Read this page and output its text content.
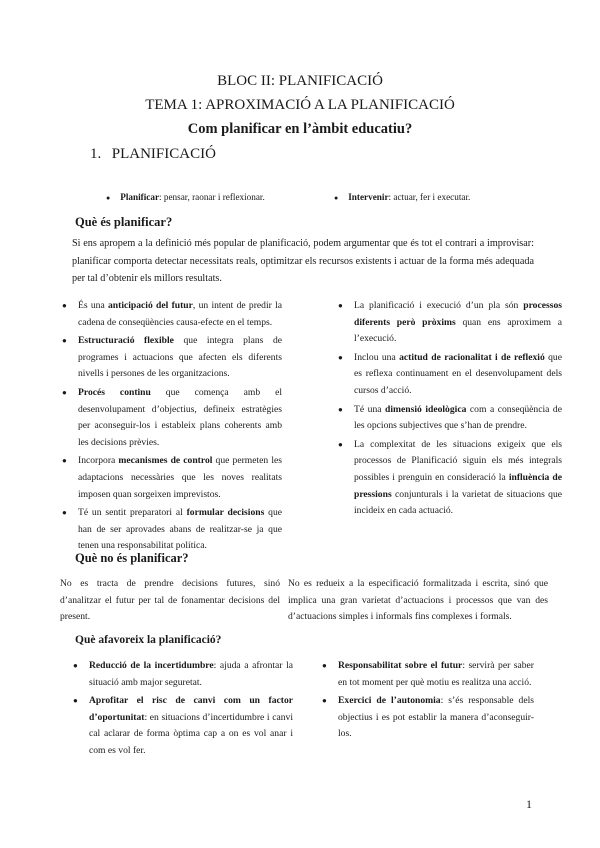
BLOC II: PLANIFICACIÓ
TEMA 1: APROXIMACIÓ A LA PLANIFICACIÓ
Com planificar en l’àmbit educatiu?
1. PLANIFICACIÓ
● Planificar: pensar, raonar i reflexionar.	● Intervenir: actuar, fer i executar.
Què és planificar?
Si ens apropem a la definició més popular de planificació, podem argumentar que és tot el contrari a improvisar: planificar comporta detectar necessitats reals, optimitzar els recursos existents i actuar de la forma més adequada per tal d’obtenir els millors resultats.
● És una anticipació del futur, un intent de predir la cadena de conseqüències causa-efecte en el temps.
● Estructuració flexible que integra plans de programes i actuacions que afecten els diferents nivells i persones de les organitzacions.
● Procés continu que comença amb el desenvolupament d’objectius, defineix estratègies per aconseguir-los i estableix plans coherents amb les decisions prèvies.
● Incorpora mecanismes de control que permeten les adaptacions necessàries que les noves realitats imposen quan sorgeixen imprevistos.
● Té un sentit preparatori al formular decisions que han de ser aprovades abans de realitzar-se ja que tenen una responsabilitat política.
● La planificació i execució d’un pla són processos diferents però pròxims quan ens aproximem a l’execució.
● Inclou una actitud de racionalitat i de reflexió que es reflexa continuament en el desenvolupament dels cursos d’acció.
● Té una dimensió ideològica com a conseqüència de les opcions subjectives que s’han de prendre.
● La complexitat de les situacions exigeix que els processos de Planificació siguin els més integrals possibles i prenguin en consideració la influència de pressions conjunturals i la varietat de situacions que incideix en cada actuació.
Què no és planificar?
No es tracta de prendre decisions futures, sinó d’analitzar el futur per tal de fonamentar decisions del present.
No es redueix a la especificació formalitzada i escrita, sinó que implica una gran varietat d’actuacions i processos que van des d’actuacions simples i informals fins complexes i formals.
Què afavoreix la planificació?
● Reducció de la incertidumbre: ajuda a afrontar la situació amb major seguretat.
● Aprofitar el risc de canvi com un factor d’oportunitat: en situacions d’incertidumbre i canvi cal aclarar de forma òptima cap a on es vol anar i com es vol fer.
● Responsabilitat sobre el futur: servirà per saber en tot moment per què motiu es realitza una acció.
● Exercici de l’autonomia: s’és responsable dels objectius i es pot establir la manera d’aconseguir-los.
1
